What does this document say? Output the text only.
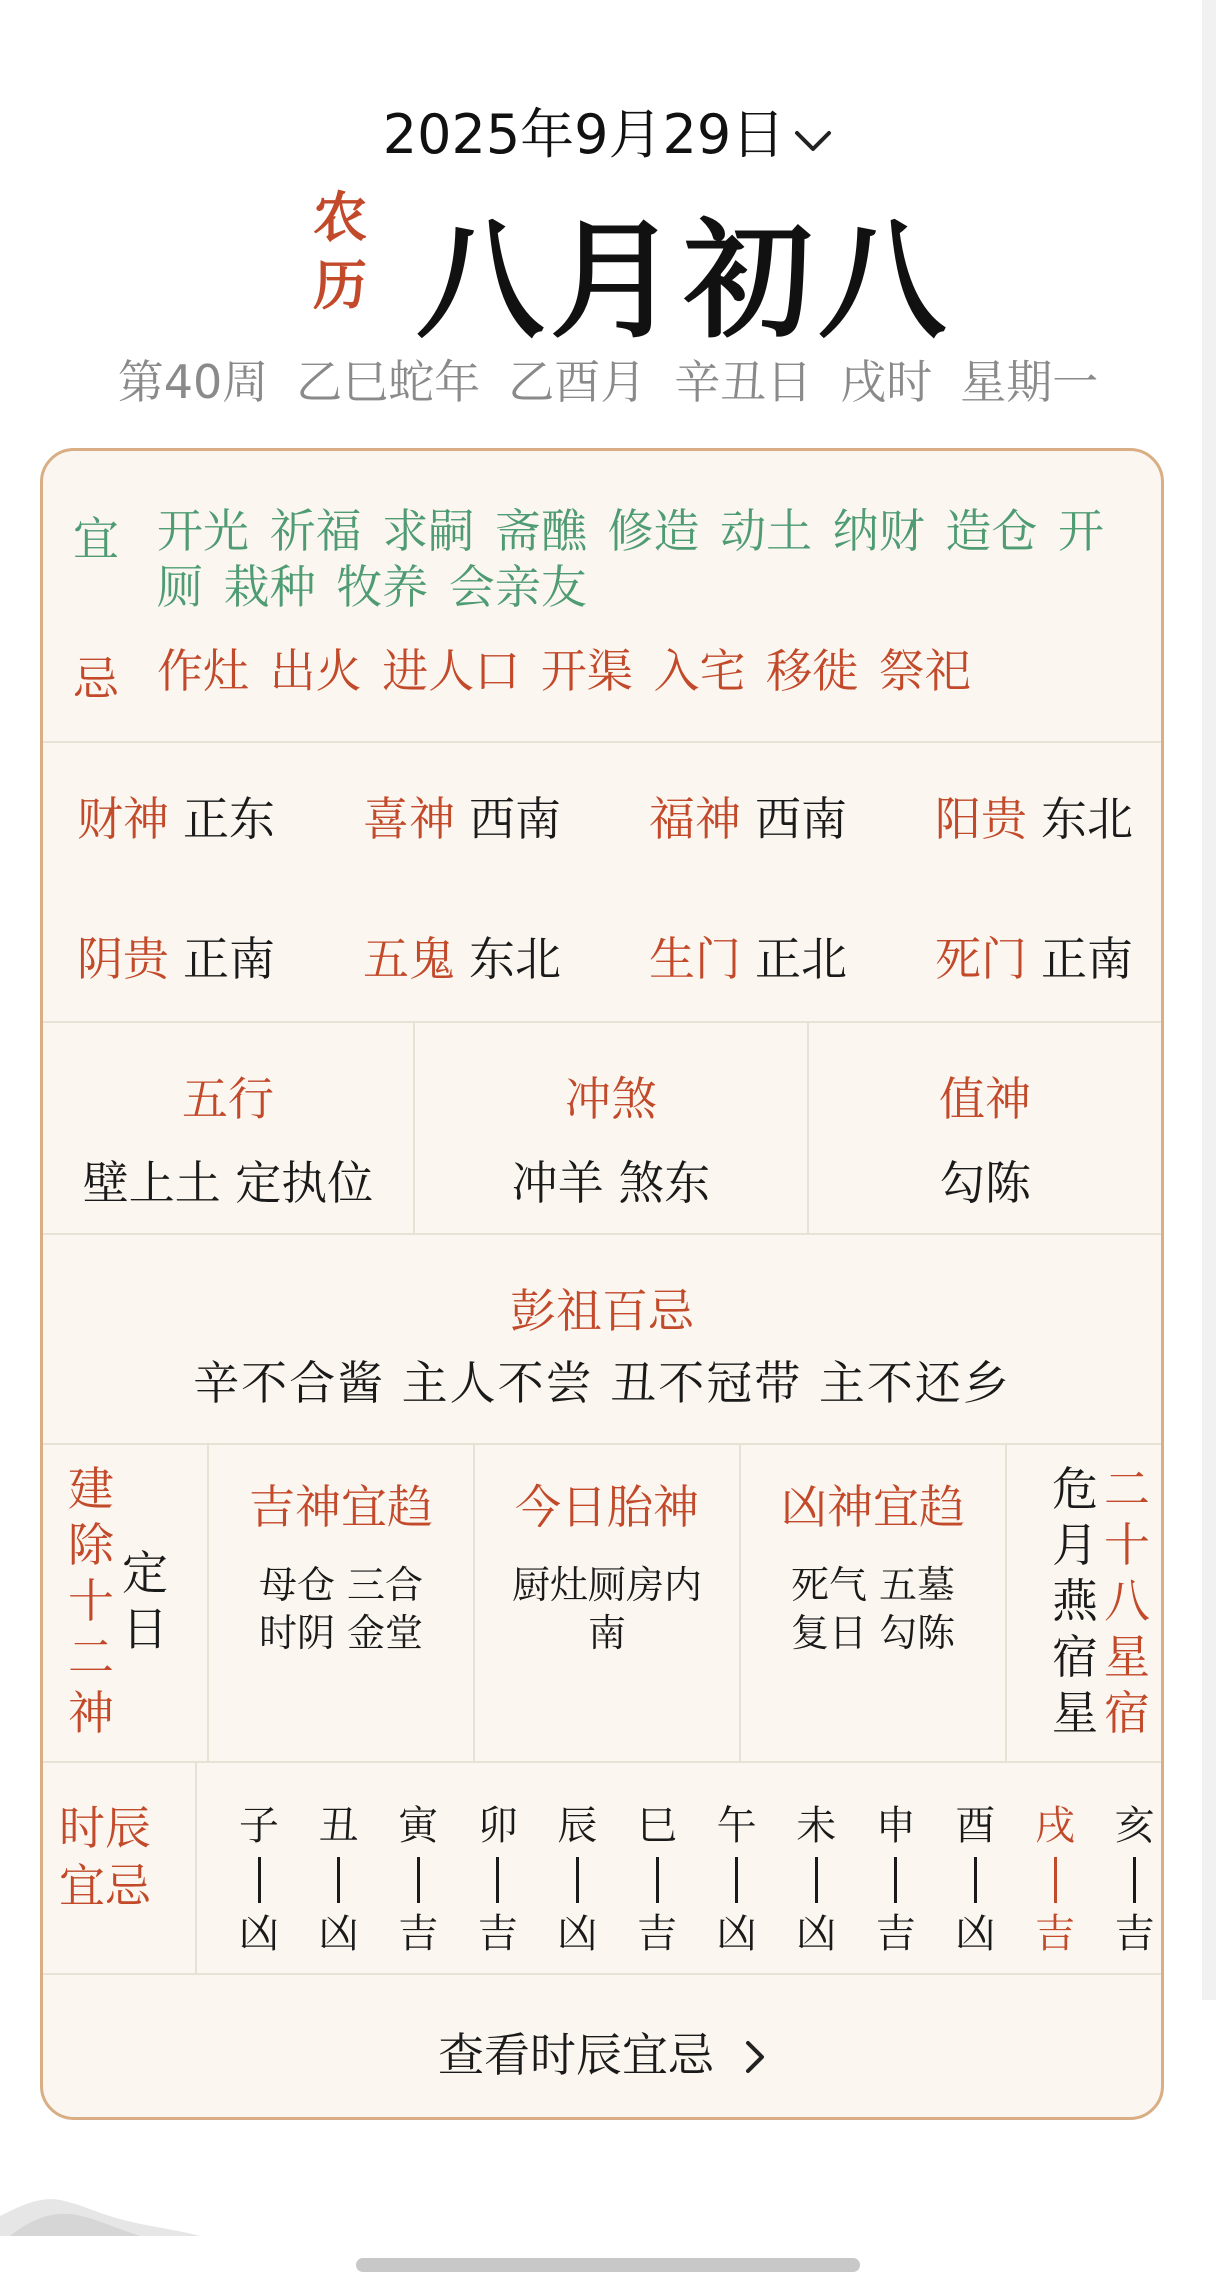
2025年9月29日
农
历 八月初八
第40周 乙巳蛇年 乙酉月 辛丑日 戌时 星期一
宜 开光 祈福 求嗣 斋醮 修造 动土 纳财 造仓 开厕 栽种 牧养 会亲友
忌 作灶 出火 进人口 开渠 入宅 移徙 祭祀
财神 正东 喜神 西南 福神 西南 阳贵 东北
阴贵 正南 五鬼 东北 生门 正北 死门 正南
五行
壁上土 定执位
冲煞
冲羊 煞东
值神
勾陈
彭祖百忌
辛不合酱 主人不尝 丑不冠带 主不还乡
建
除
十
二
神
定
日
吉神宜趋
母仓 三合
时阴 金堂
今日胎神
厨灶厕房内
南
凶神宜趋
死气 五墓
复日 勾陈
危
月
燕
宿
星
二
十
八
星
宿
时辰
宜忌
子
凶
丑
凶
寅
吉
卯
吉
辰
凶
巳
吉
午
凶
未
凶
申
吉
酉
凶
戌
吉
亥
吉
查看时辰宜忌
